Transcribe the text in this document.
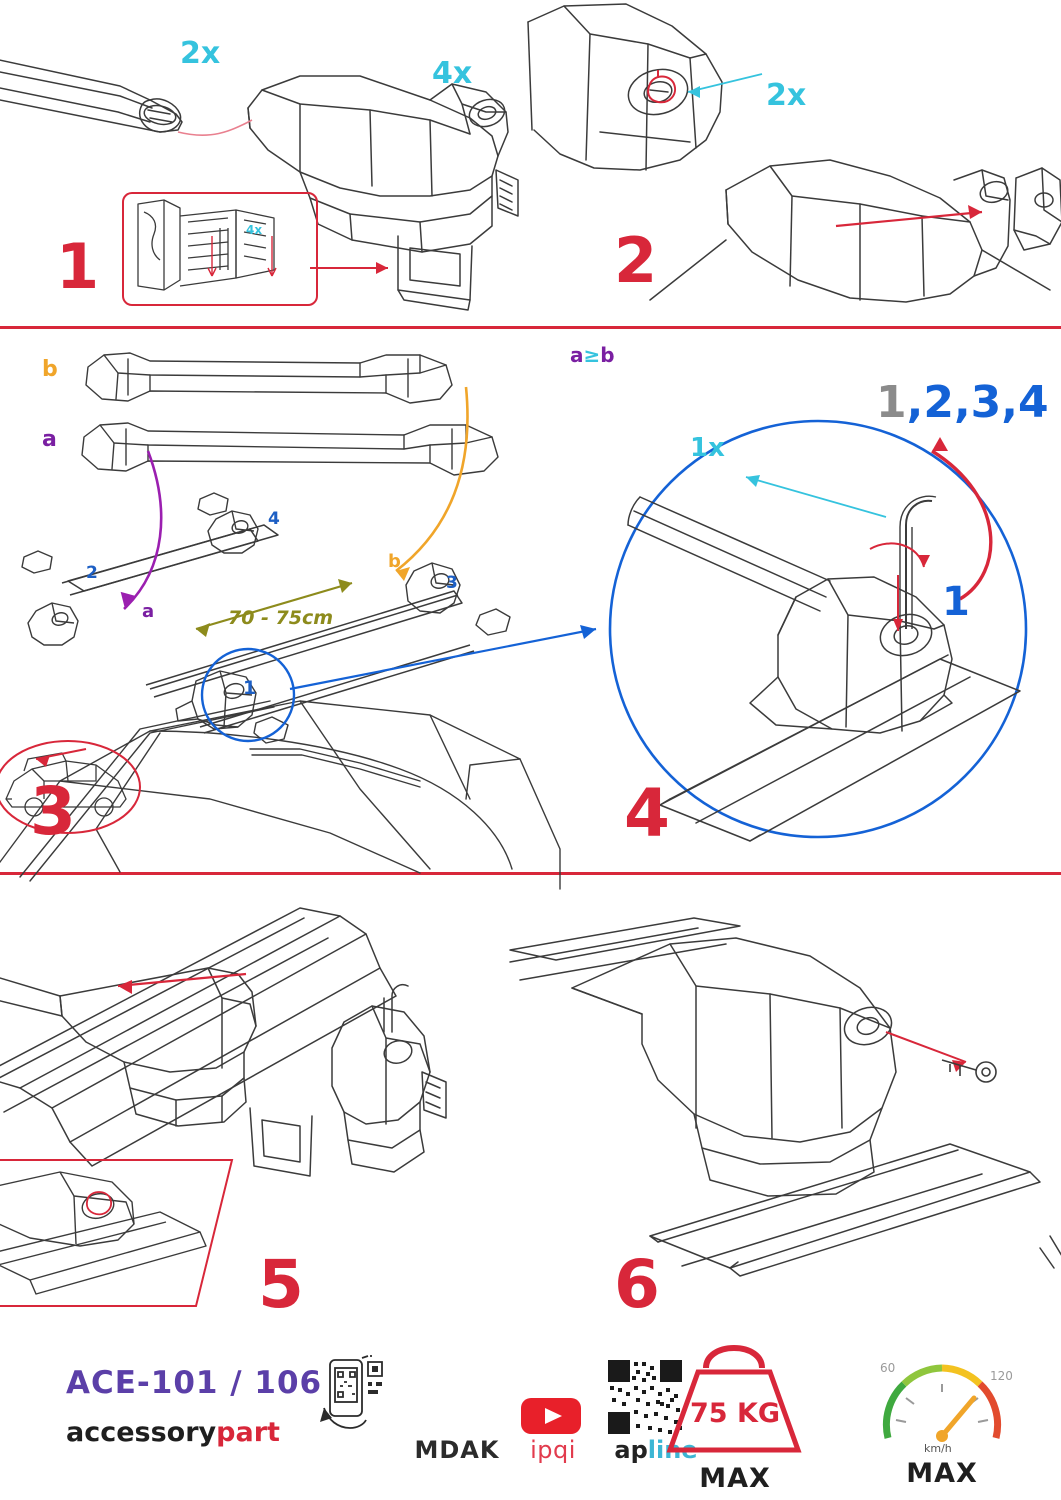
4x
2x
4x
1
2x
2
b
a
a
b
70 - 75cm
1
2	3
4
3
1x
1,2,3,4
1
a≥b
4
5	6
ACE-101 / 106
accessorypart
MDAK	ipqi	apline
75 KG
MAX
60
120
km/h
MAX
